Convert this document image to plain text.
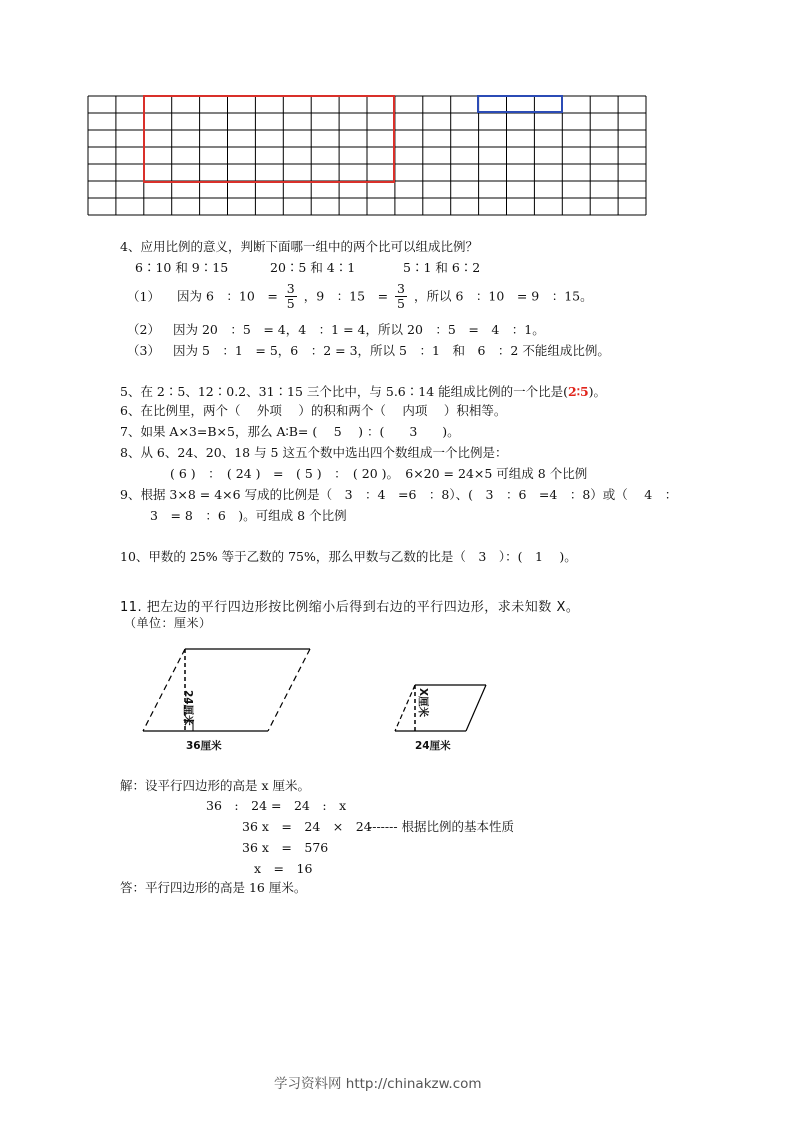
4、应用比例的意义，判断下面哪一组中的两个比可以组成比例？
6∶10 和 9∶15	20∶5 和 4∶1	5∶1 和 6∶2
（1） 因为 6　：10　= $\frac{3}{5}$ ，9　：15　= $\frac{3}{5}$ ，所以 6　：10　= 9　：15。
（2） 因为 20　：5　= 4，4　：1 = 4，所以 20　：5　=　4　：1。
（3） 因为 5　：1　= 5，6　：2 = 3，所以 5　：1　和　6　：2 不能组成比例。
5、在 2∶5、12∶0.2、31∶15 三个比中，与 5.6∶14 能组成比例的一个比是(2∶5)。
6、在比例里，两个（　 外项　 ）的积和两个（　 内项　 ）积相等。
7、如果 A×3=B×5，那么 A∶B= (　 5　 ) ：(　　3　　)。
8、从 6、24、20、18 与 5 这五个数中选出四个数组成一个比例是：
( 6 )　：　( 24 )　=　( 5 )　：　( 20 )。　6×20 = 24×5 可组成 8 个比例
9、根据 3×8 = 4×6 写成的比例是（　3　：4　=6　：8）、(　3　：6　=4　：8）或（　 4　：
3　= 8　：6　)。可组成 8 个比例
10、甲数的 25% 等于乙数的 75%，那么甲数与乙数的比是（　3　）：(　1　 )。
11. 把左边的平行四边形按比例缩小后得到右边的平行四边形，求未知数 X。
（单位：厘米）
24厘米
36厘米
X厘米
24厘米
解：设平行四边形的高是 x 厘米。
36　:　24 =　24　:　x
36 x　=　24　×　24
------- 根据比例的基本性质
36 x　=　576
x　=　16
答：平行四边形的高是 16 厘米。
学习资料网 http://chinakzw.com
